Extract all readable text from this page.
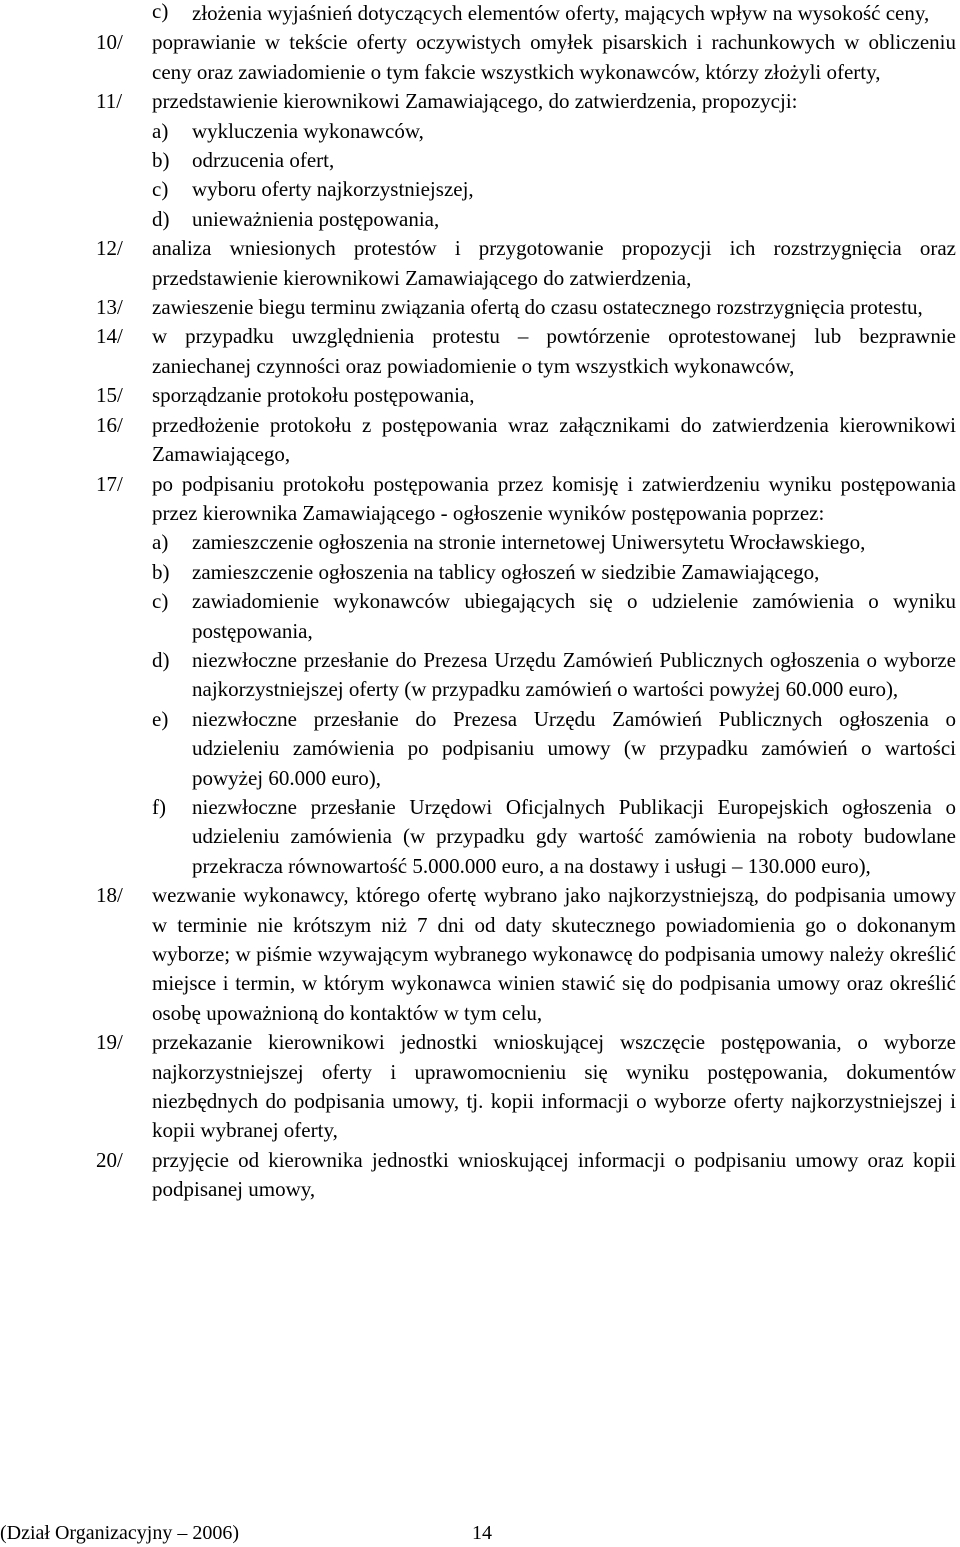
c)	złożenia wyjaśnień dotyczących elementów oferty, mających wpływ na wysokość ceny,
10/	poprawianie w tekście oferty oczywistych omyłek pisarskich i rachunkowych w obliczeniu ceny oraz zawiadomienie o tym fakcie wszystkich wykonawców, którzy złożyli oferty,
11/	przedstawienie kierownikowi Zamawiającego, do zatwierdzenia, propozycji:
a)	wykluczenia wykonawców,
b)	odrzucenia ofert,
c)	wyboru oferty najkorzystniejszej,
d)	unieważnienia postępowania,
12/	analiza wniesionych protestów i przygotowanie propozycji ich rozstrzygnięcia oraz przedstawienie kierownikowi Zamawiającego do zatwierdzenia,
13/	zawieszenie biegu terminu związania ofertą do czasu ostatecznego rozstrzygnięcia protestu,
14/	w przypadku uwzględnienia protestu – powtórzenie oprotestowanej lub bezprawnie zaniechanej czynności oraz powiadomienie o tym wszystkich wykonawców,
15/	sporządzanie protokołu postępowania,
16/	przedłożenie protokołu z postępowania wraz załącznikami do zatwierdzenia kierownikowi Zamawiającego,
17/	po podpisaniu protokołu postępowania przez komisję i zatwierdzeniu wyniku postępowania przez kierownika Zamawiającego - ogłoszenie wyników postępowania poprzez:
a)	zamieszczenie ogłoszenia na stronie internetowej Uniwersytetu Wrocławskiego,
b)	zamieszczenie ogłoszenia na tablicy ogłoszeń w siedzibie Zamawiającego,
c)	zawiadomienie wykonawców ubiegających się o udzielenie zamówienia o wyniku postępowania,
d)	niezwłoczne przesłanie do Prezesa Urzędu Zamówień Publicznych ogłoszenia o wyborze najkorzystniejszej oferty (w przypadku zamówień o wartości powyżej 60.000 euro),
e)	niezwłoczne przesłanie do Prezesa Urzędu Zamówień Publicznych ogłoszenia o udzieleniu zamówienia po podpisaniu umowy (w przypadku zamówień o wartości powyżej 60.000 euro),
f)	niezwłoczne przesłanie Urzędowi Oficjalnych Publikacji Europejskich ogłoszenia o udzieleniu zamówienia (w przypadku gdy wartość zamówienia na roboty budowlane przekracza równowartość 5.000.000 euro, a na dostawy i usługi – 130.000 euro),
18/	wezwanie wykonawcy, którego ofertę wybrano jako najkorzystniejszą, do podpisania umowy w terminie nie krótszym niż 7 dni od daty skutecznego powiadomienia go o dokonanym wyborze; w piśmie wzywającym wybranego wykonawcę do podpisania umowy należy określić miejsce i termin, w którym wykonawca winien stawić się do podpisania umowy oraz określić osobę upoważnioną do kontaktów w tym celu,
19/	przekazanie kierownikowi jednostki wnioskującej wszczęcie postępowania, o wyborze najkorzystniejszej oferty i uprawomocnieniu się wyniku postępowania, dokumentów niezbędnych do podpisania umowy, tj. kopii informacji o wyborze oferty najkorzystniejszej i kopii wybranej oferty,
20/	przyjęcie od kierownika jednostki wnioskującej informacji o podpisaniu umowy oraz kopii podpisanej umowy,
(Dział Organizacyjny – 2006)	14
